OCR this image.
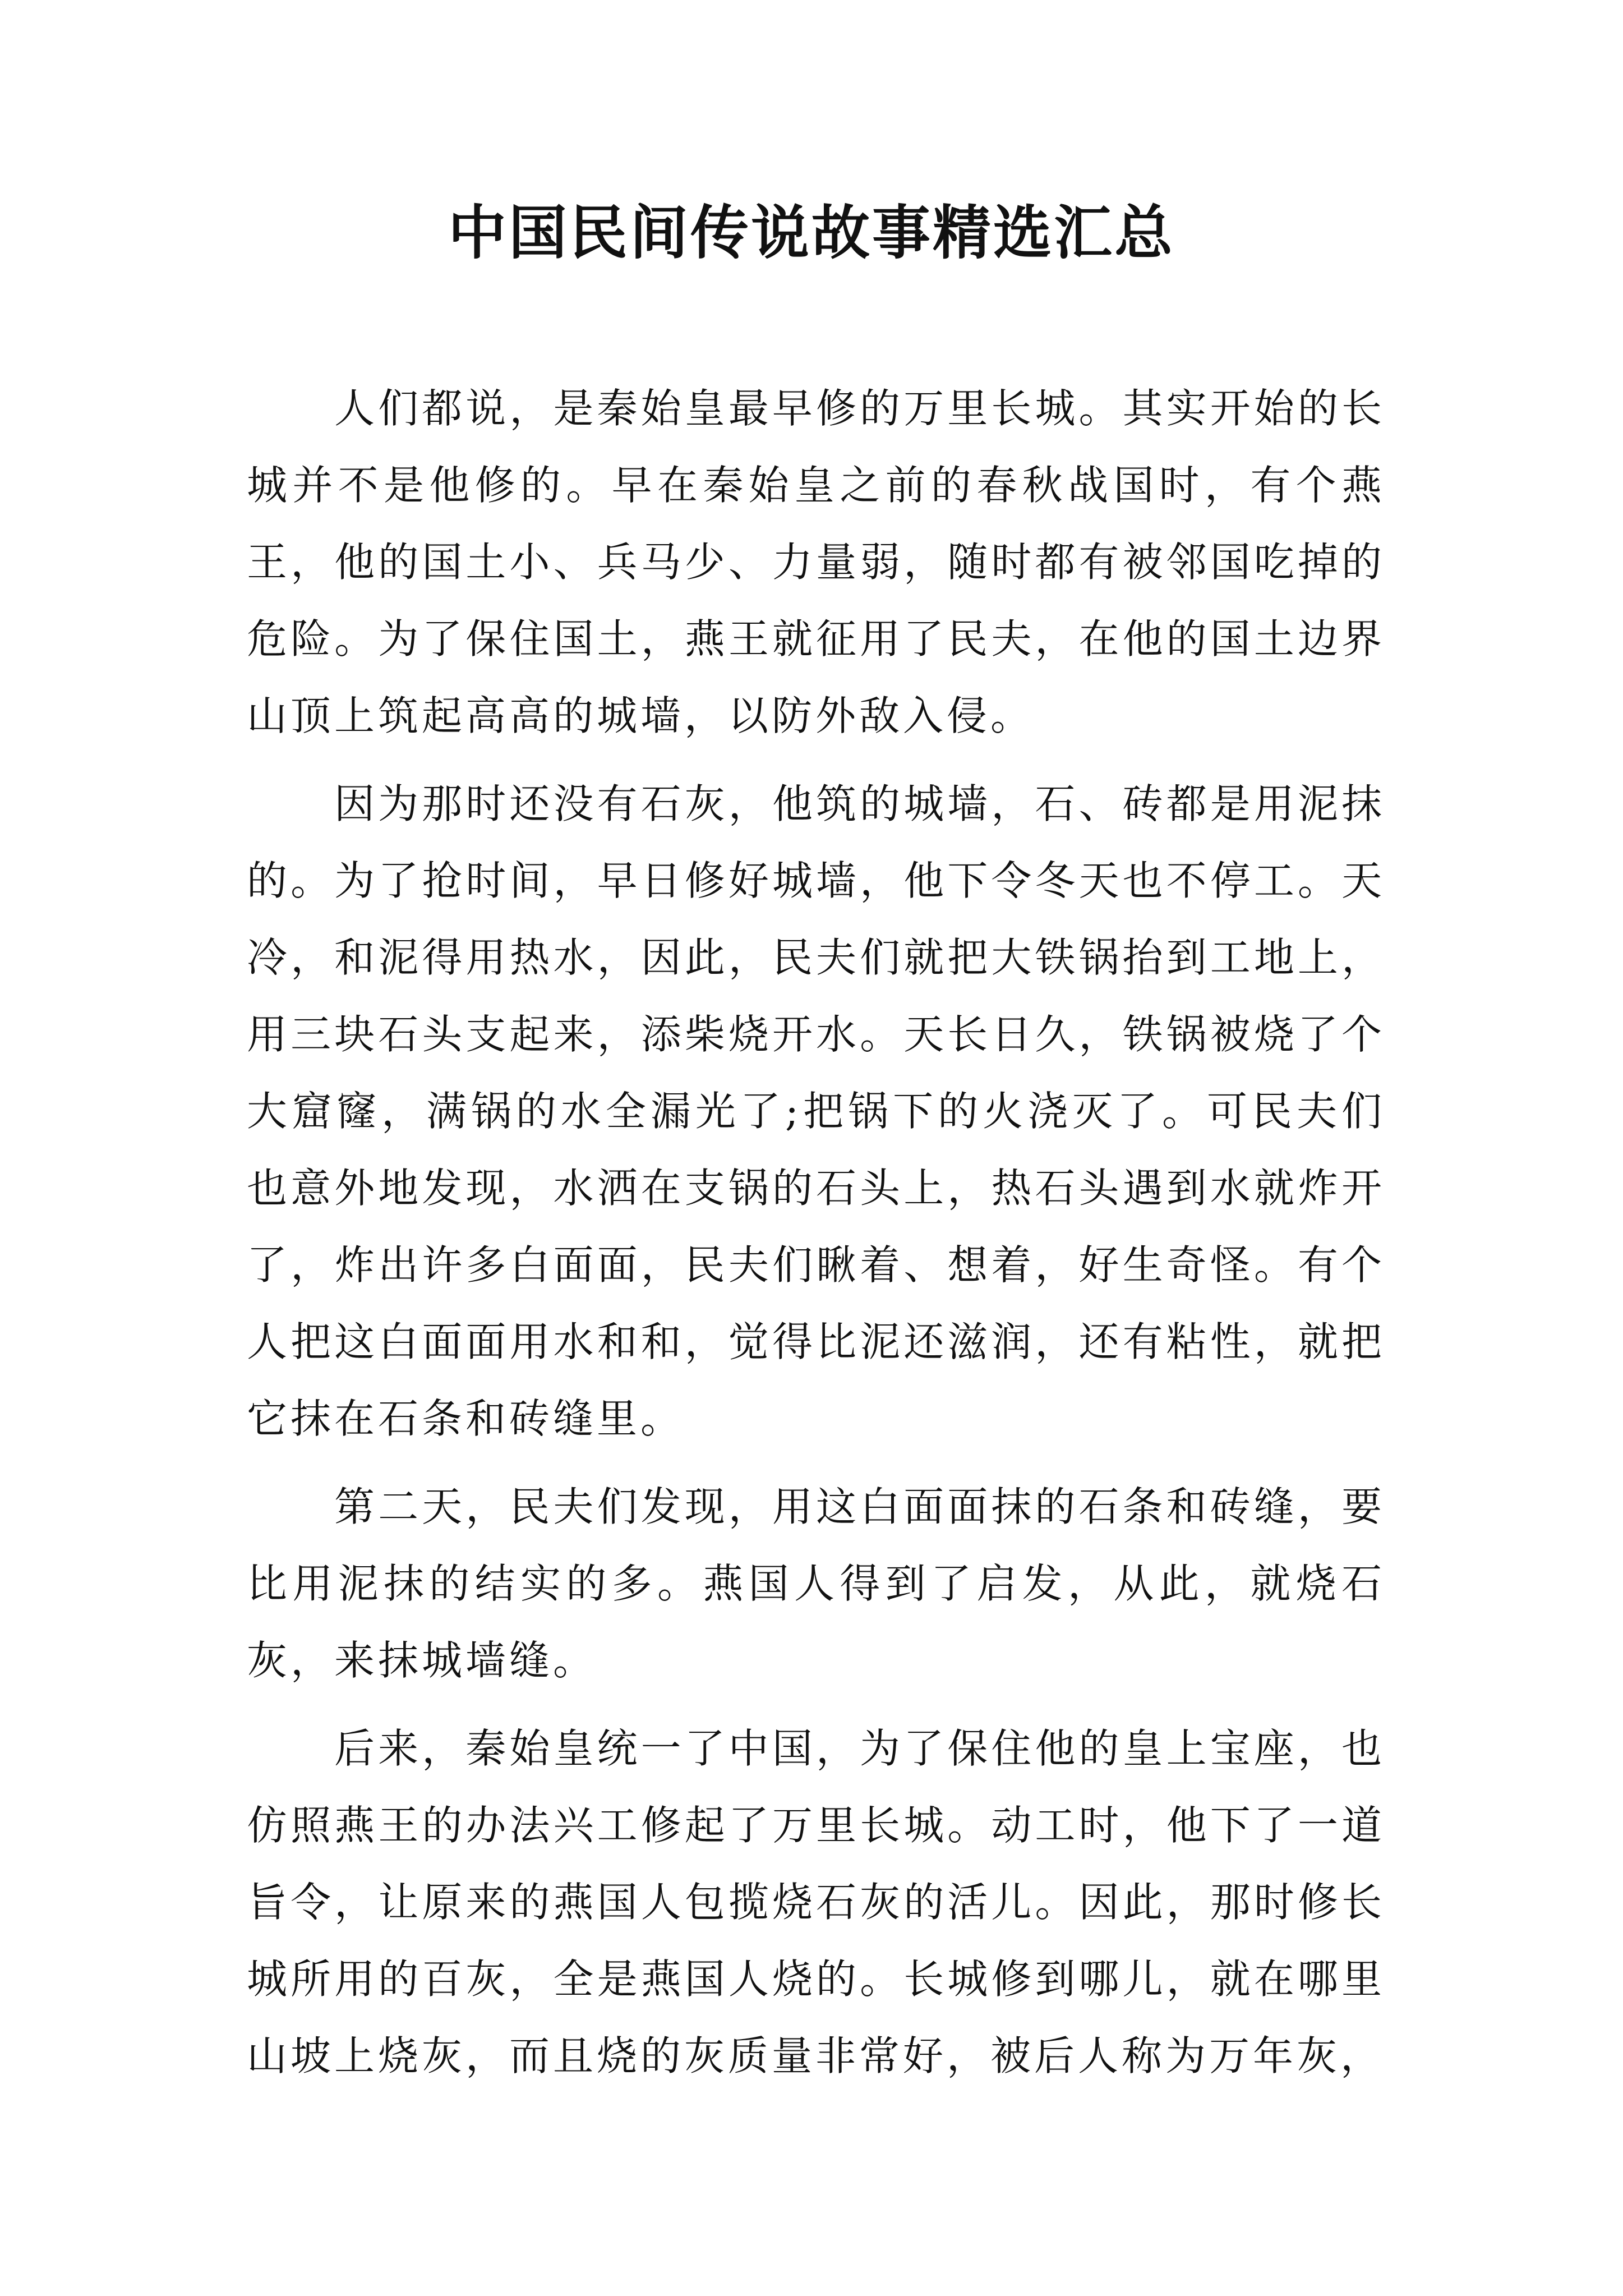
中国民间传说故事精选汇总

人们都说，是秦始皇最早修的万里长城。其实开始的长城并不是他修的。早在秦始皇之前的春秋战国时，有个燕王，他的国土小、兵马少、力量弱，随时都有被邻国吃掉的危险。为了保住国土，燕王就征用了民夫，在他的国土边界山顶上筑起高高的城墙，以防外敌入侵。

因为那时还没有石灰，他筑的城墙，石、砖都是用泥抹的。为了抢时间，早日修好城墙，他下令冬天也不停工。天冷，和泥得用热水，因此，民夫们就把大铁锅抬到工地上，用三块石头支起来，添柴烧开水。天长日久，铁锅被烧了个大窟窿，满锅的水全漏光了;把锅下的火浇灭了。可民夫们也意外地发现，水洒在支锅的石头上，热石头遇到水就炸开了，炸出许多白面面，民夫们瞅着、想着，好生奇怪。有个人把这白面面用水和和，觉得比泥还滋润，还有粘性，就把它抹在石条和砖缝里。

第二天，民夫们发现，用这白面面抹的石条和砖缝，要比用泥抹的结实的多。燕国人得到了启发，从此，就烧石灰，来抹城墙缝。

后来，秦始皇统一了中国，为了保住他的皇上宝座，也仿照燕王的办法兴工修起了万里长城。动工时，他下了一道旨令，让原来的燕国人包揽烧石灰的活儿。因此，那时修长城所用的百灰，全是燕国人烧的。长城修到哪儿，就在哪里山坡上烧灰，而且烧的灰质量非常好，被后人称为万年灰，
